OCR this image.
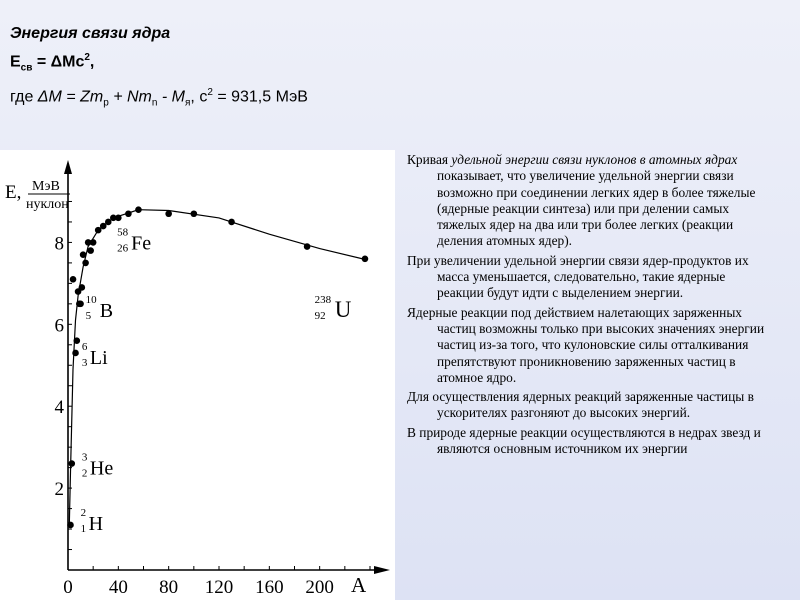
Энергия связи ядра
$E_{св} = \Delta Mc^2$,
где $\Delta M = Zm_p + Nm_n - M_я$, $c^2 = 931,5$ МэВ
0 40 80 120 160 200
2
4
6
8
2
1 H
3
2 He
6
3 Li
10
5 B
58
26 Fe
238
92 U
E, МэВ
нуклон
A

Кривая удельной энергии связи нуклонов в атомных ядрах показывает, что увеличение удельной энергии связи возможно при соединении легких ядер в более тяжелые (ядерные реакции синтеза) или при делении самых тяжелых ядер на два или три более легких (реакции деления атомных ядер).

При увеличении удельной энергии связи ядер-продуктов их масса уменьшается, следовательно, такие ядерные реакции будут идти с выделением энергии.

Ядерные реакции под действием налетающих заряженных частиц возможны только при высоких значениях энергии частиц из-за того, что кулоновские силы отталкивания препятствуют проникновению заряженных частиц в атомное ядро.

Для осуществления ядерных реакций заряженные частицы в ускорителях разгоняют до высоких энергий.

В природе ядерные реакции осуществляются в недрах звезд и являются основным источником их энергии
